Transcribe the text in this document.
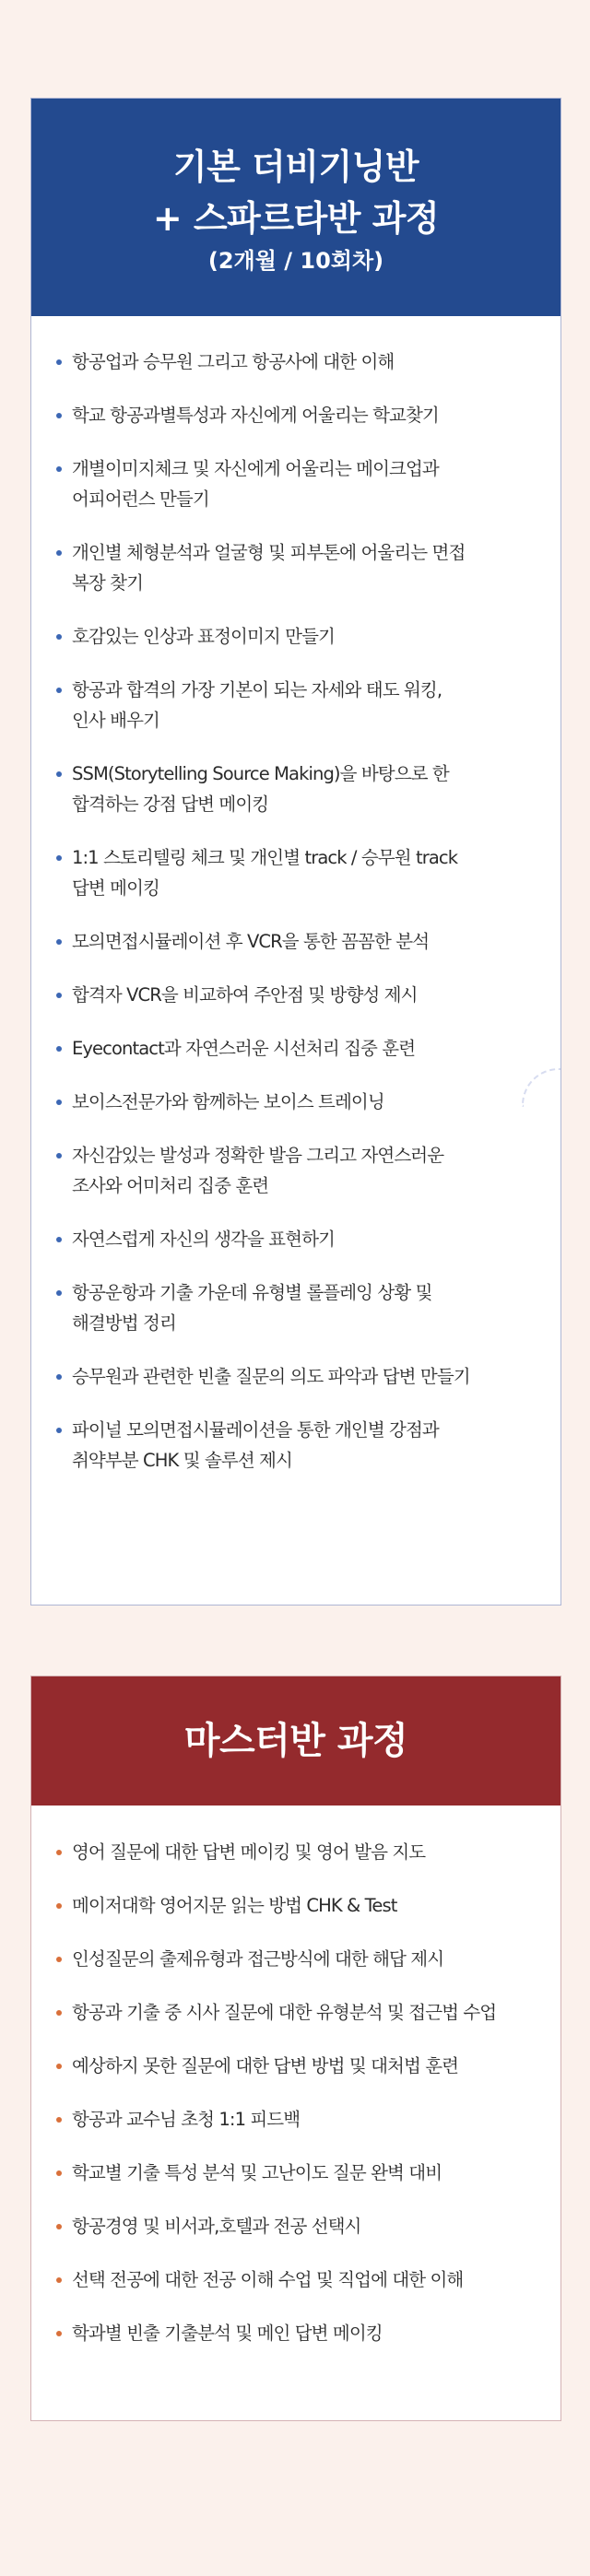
기본 더비기닝반
+ 스파르타반 과정
(2개월 / 10회차)
항공업과 승무원 그리고 항공사에 대한 이해
학교 항공과별특성과 자신에게 어울리는 학교찾기
개별이미지체크 및 자신에게 어울리는 메이크업과
어피어런스 만들기
개인별 체형분석과 얼굴형 및 피부톤에 어울리는 면접
복장 찾기
호감있는 인상과 표정이미지 만들기
항공과 합격의 가장 기본이 되는 자세와 태도 워킹,
인사 배우기
SSM(Storytelling Source Making)을 바탕으로 한
합격하는 강점 답변 메이킹
1:1 스토리텔링 체크 및 개인별 track / 승무원 track
답변 메이킹
모의면접시뮬레이션 후 VCR을 통한 꼼꼼한 분석
합격자 VCR을 비교하여 주안점 및 방향성 제시
Eyecontact과 자연스러운 시선처리 집중 훈련
보이스전문가와 함께하는 보이스 트레이닝
자신감있는 발성과 정확한 발음 그리고 자연스러운
조사와 어미처리 집중 훈련
자연스럽게 자신의 생각을 표현하기
항공운항과 기출 가운데 유형별 롤플레잉 상황 및
해결방법 정리
승무원과 관련한 빈출 질문의 의도 파악과 답변 만들기
파이널 모의면접시뮬레이션을 통한 개인별 강점과
취약부분 CHK 및 솔루션 제시
마스터반 과정
영어 질문에 대한 답변 메이킹 및 영어 발음 지도
메이저대학 영어지문 읽는 방법 CHK & Test
인성질문의 출제유형과 접근방식에 대한 해답 제시
항공과 기출 중 시사 질문에 대한 유형분석 및 접근법 수업
예상하지 못한 질문에 대한 답변 방법 및 대처법 훈련
항공과 교수님 초청 1:1 피드백
학교별 기출 특성 분석 및 고난이도 질문 완벽 대비
항공경영 및 비서과,호텔과 전공 선택시
선택 전공에 대한 전공 이해 수업 및 직업에 대한 이해
학과별 빈출 기출분석 및 메인 답변 메이킹
